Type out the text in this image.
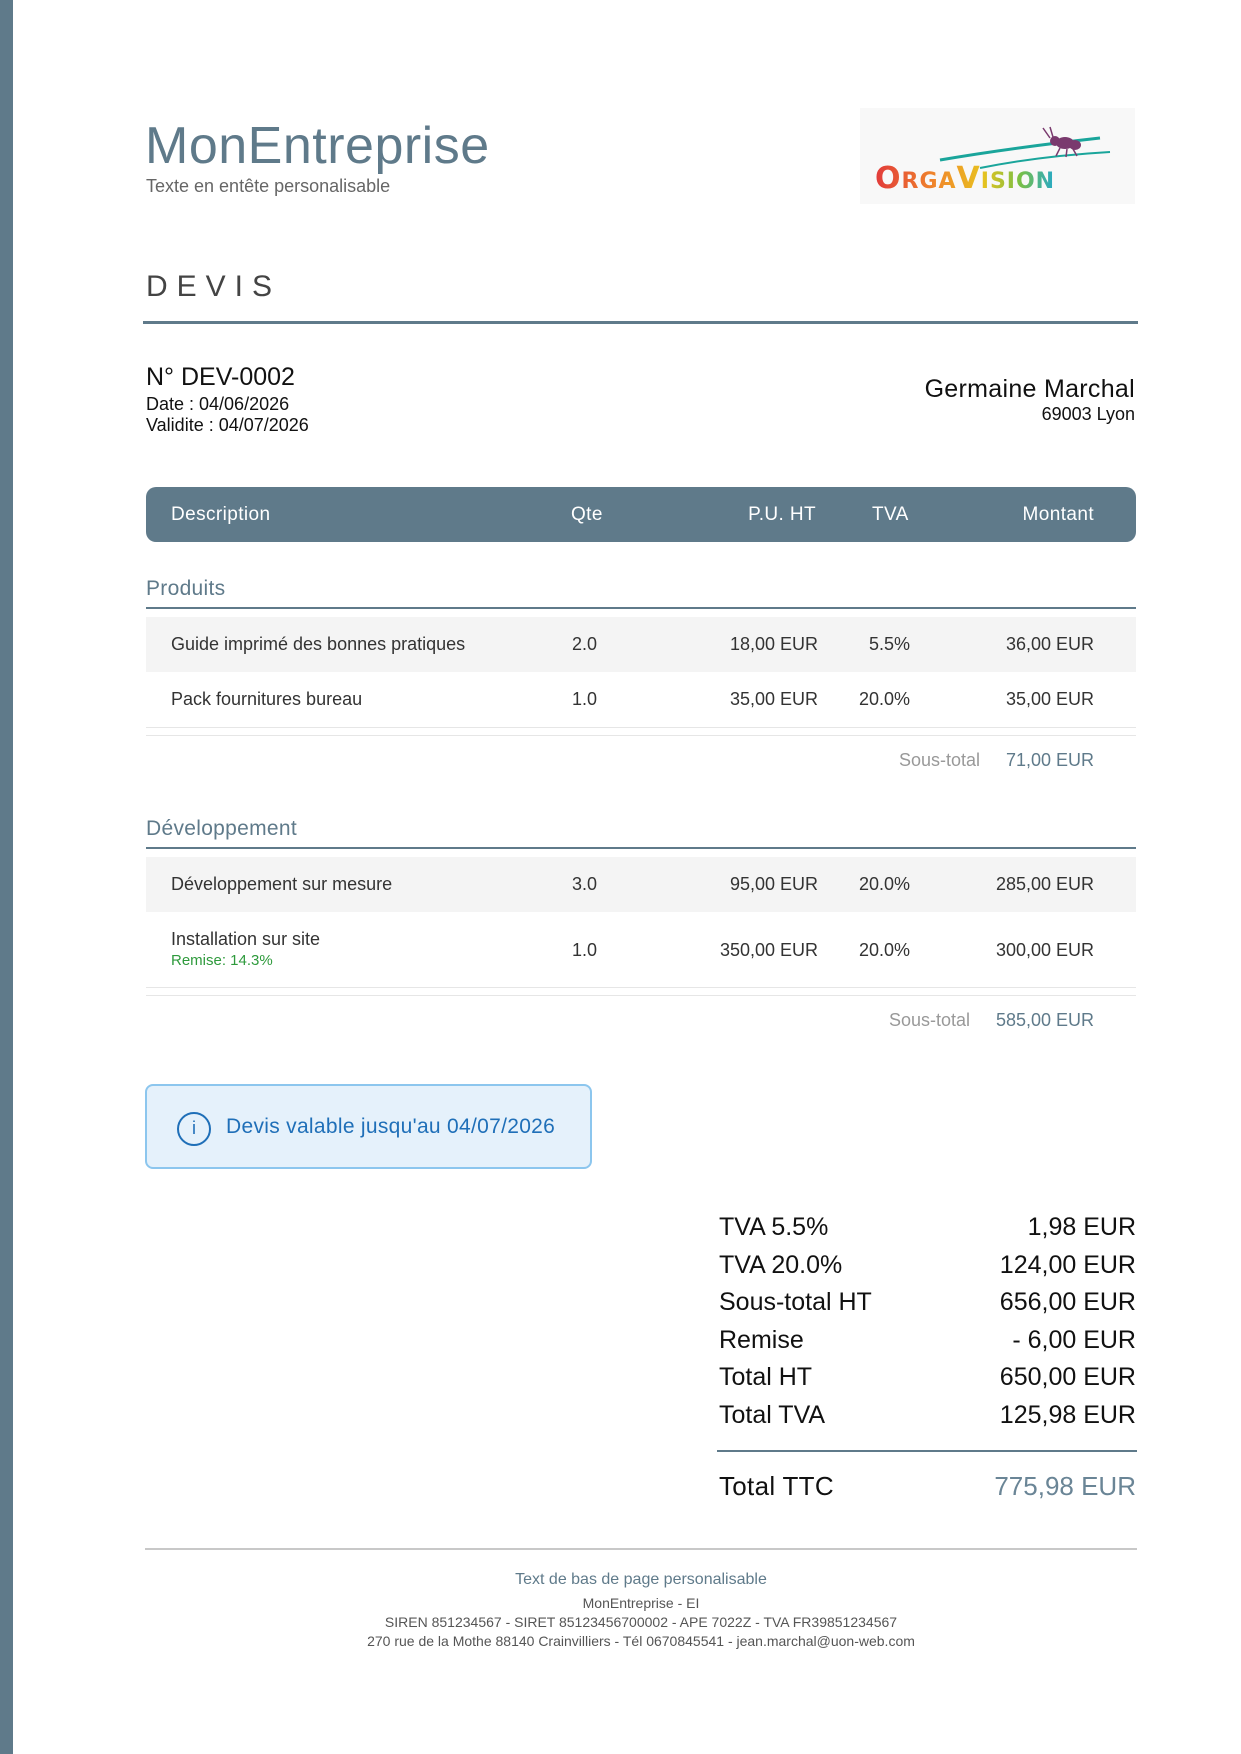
MonEntreprise
Texte en entête personalisable	ORGAVISION
DEVIS
N° DEV-0002
Date : 04/06/2026
Validite : 04/07/2026
Germaine Marchal
69003 Lyon
Description	Qte	P.U. HT	TVA	Montant
Produits
Guide imprimé des bonnes pratiques	2.0	18,00 EUR	5.5%	36,00 EUR
Pack fournitures bureau	1.0	35,00 EUR 20.0%	35,00 EUR
Sous-total 71,00 EUR
Développement
Développement sur mesure	3.0	95,00 EUR 20.0%	285,00 EUR
Installation sur site
Remise: 14.3%
1.0	350,00 EUR 20.0%	300,00 EUR
Sous-total 585,00 EUR
i	Devis valable jusqu'au 04/07/2026
TVA 5.5%	1,98 EUR
TVA 20.0%	124,00 EUR
Sous-total HT	656,00 EUR
Remise	- 6,00 EUR
Total HT	650,00 EUR
Total TVA	125,98 EUR
Total TTC	775,98 EUR
Text de bas de page personalisable
MonEntreprise - EI
SIREN 851234567 - SIRET 85123456700002 - APE 7022Z - TVA FR39851234567
270 rue de la Mothe 88140 Crainvilliers - Tél 0670845541 - jean.marchal@uon-web.com
